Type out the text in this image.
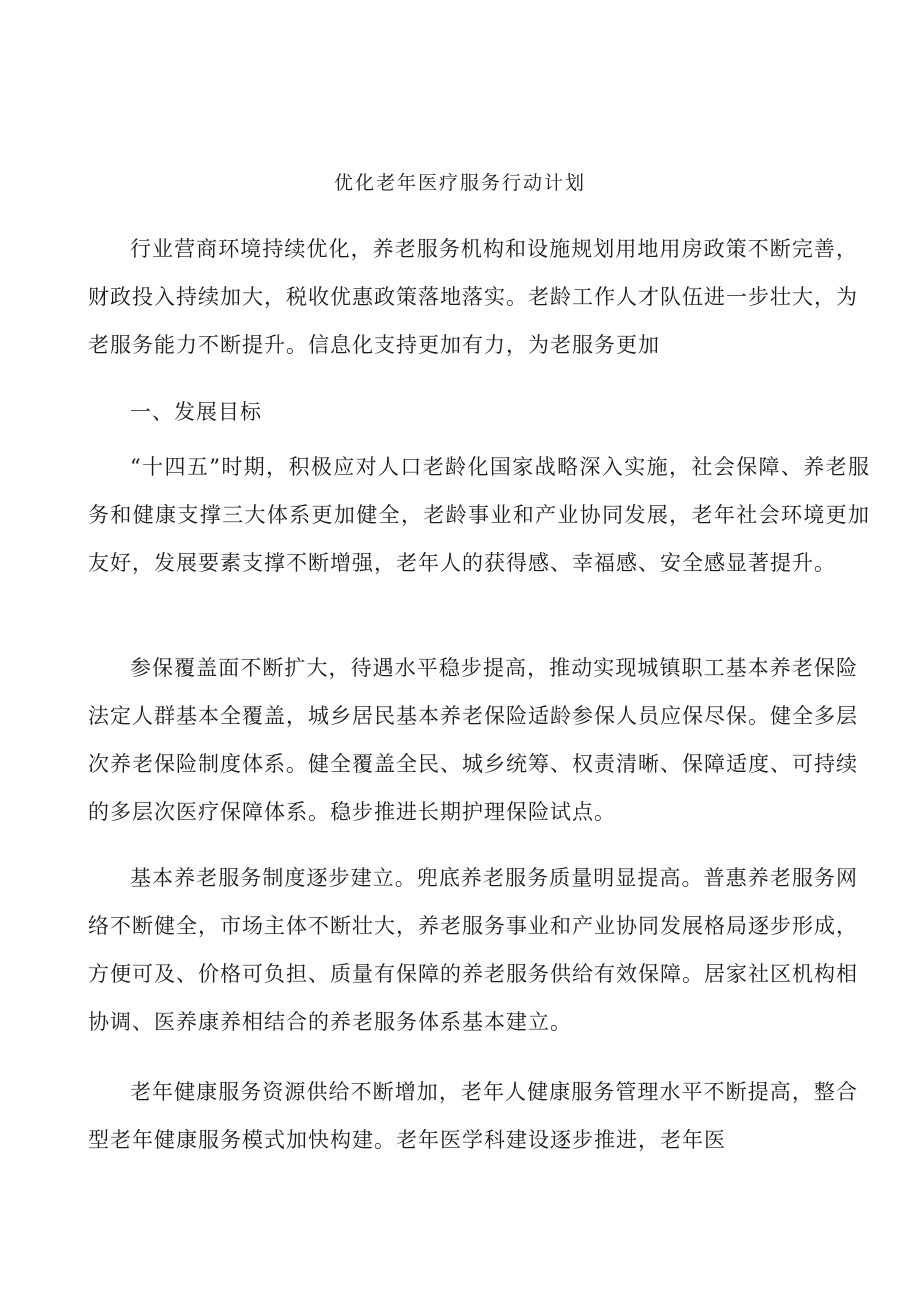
优化老年医疗服务行动计划

行业营商环境持续优化，养老服务机构和设施规划用地用房政策不断完善，财政投入持续加大，税收优惠政策落地落实。老龄工作人才队伍进一步壮大，为老服务能力不断提升。信息化支持更加有力，为老服务更加

一、发展目标

“十四五”时期，积极应对人口老龄化国家战略深入实施，社会保障、养老服务和健康支撑三大体系更加健全，老龄事业和产业协同发展，老年社会环境更加友好，发展要素支撑不断增强，老年人的获得感、幸福感、安全感显著提升。

参保覆盖面不断扩大，待遇水平稳步提高，推动实现城镇职工基本养老保险法定人群基本全覆盖，城乡居民基本养老保险适龄参保人员应保尽保。健全多层次养老保险制度体系。健全覆盖全民、城乡统筹、权责清晰、保障适度、可持续的多层次医疗保障体系。稳步推进长期护理保险试点。

基本养老服务制度逐步建立。兜底养老服务质量明显提高。普惠养老服务网络不断健全，市场主体不断壮大，养老服务事业和产业协同发展格局逐步形成，方便可及、价格可负担、质量有保障的养老服务供给有效保障。居家社区机构相协调、医养康养相结合的养老服务体系基本建立。

老年健康服务资源供给不断增加，老年人健康服务管理水平不断提高，整合型老年健康服务模式加快构建。老年医学科建设逐步推进，老年医
